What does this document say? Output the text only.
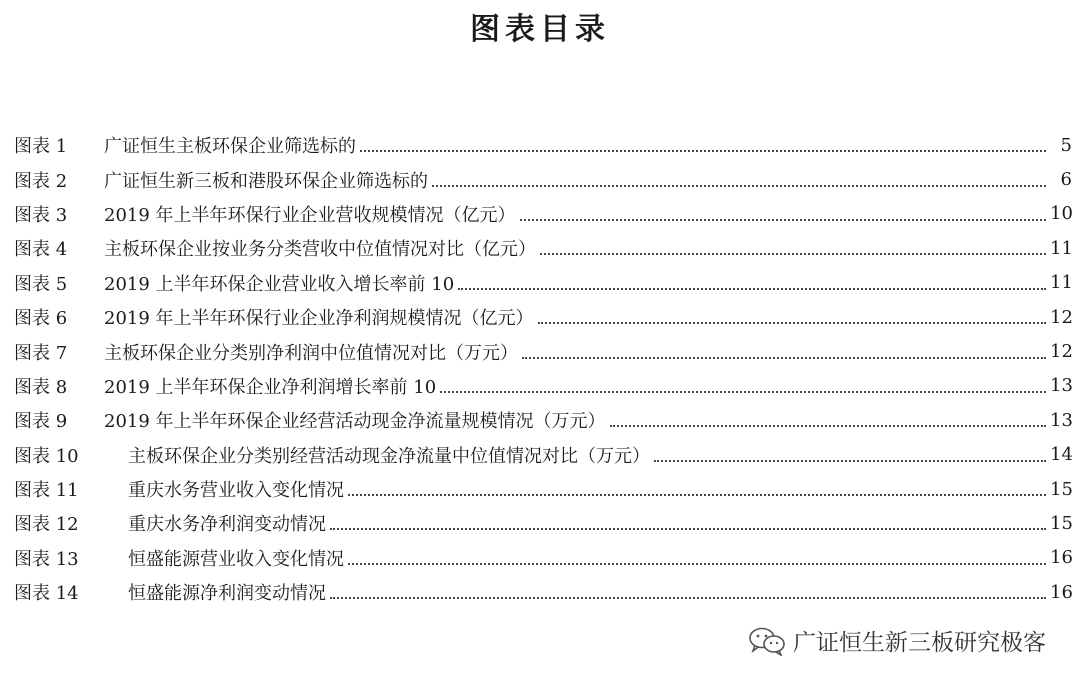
图表目录
图表 1	广证恒生主板环保企业筛选标的	5
图表 2	广证恒生新三板和港股环保企业筛选标的	6
图表 3	2019 年上半年环保行业企业营收规模情况（亿元）	10
图表 4	主板环保企业按业务分类营收中位值情况对比（亿元）	11
图表 5	2019 上半年环保企业营业收入增长率前 10	11
图表 6	2019 年上半年环保行业企业净利润规模情况（亿元）	12
图表 7	主板环保企业分类别净利润中位值情况对比（万元）	12
图表 8	2019 上半年环保企业净利润增长率前 10	13
图表 9	2019 年上半年环保企业经营活动现金净流量规模情况（万元）	13
图表 10	主板环保企业分类别经营活动现金净流量中位值情况对比（万元）	14
图表 11	重庆水务营业收入变化情况	15
图表 12	重庆水务净利润变动情况	15
图表 13	恒盛能源营业收入变化情况	16
图表 14	恒盛能源净利润变动情况	16
广证恒生新三板研究极客
